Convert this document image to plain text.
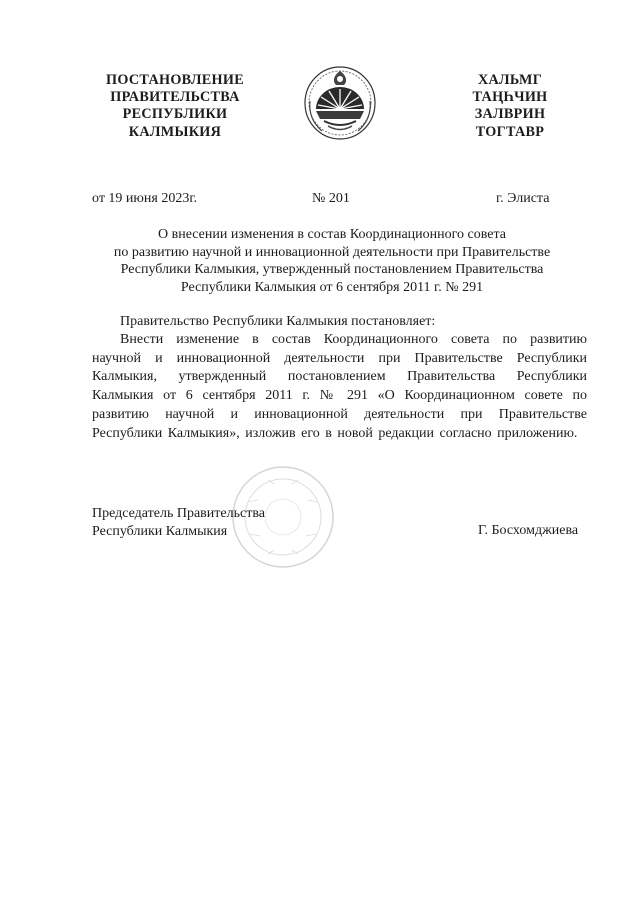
ПОСТАНОВЛЕНИЕ
ПРАВИТЕЛЬСТВА
РЕСПУБЛИКИ
КАЛМЫКИЯ
ХАЛЬМГ
ТАҢҺЧИН
ЗАЛВРИН
ТОГТАВР
от 19 июня 2023г.	№ 201	г. Элиста
О внесении изменения в состав Координационного совета
по развитию научной и инновационной деятельности при Правительстве
Республики Калмыкия, утвержденный постановлением Правительства
Республики Калмыкия от 6 сентября 2011 г. № 291
Правительство Республики Калмыкия постановляет:

Внести изменение в состав Координационного совета по развитию научной и инновационной деятельности при Правительстве Республики Калмыкия, утвержденный постановлением Правительства Республики Калмыкия от 6 сентября 2011 г. № 291 «О Координационном совете по развитию научной и инновационной деятельности при Правительстве Республики Калмыкия», изложив его в новой редакции согласно приложению.

Председатель Правительства
Республики Калмыкия	Г. Босхомджиева
